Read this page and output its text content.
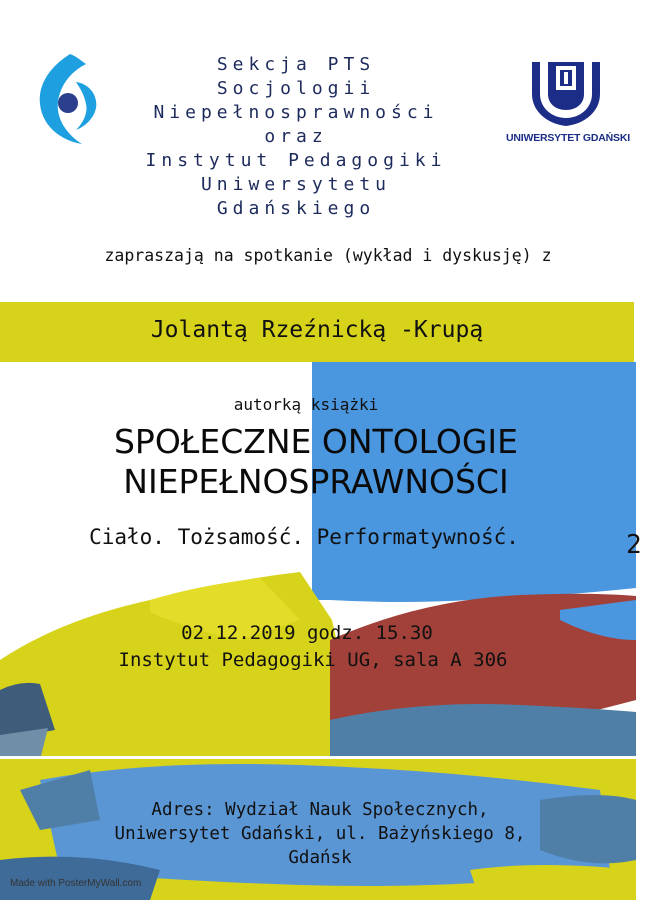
UNIWERSYTET GDAŃSKI
Sekcja PTS
Socjologii
Niepełnosprawności
oraz
Instytut Pedagogiki
Uniwersytetu
Gdańskiego
zapraszają na spotkanie (wykład i dyskusję) z
Jolantą Rzeźnicką -Krupą
autorką książki
SPOŁECZNE ONTOLOGIE
NIEPEŁNOSPRAWNOŚCI
Ciało. Tożsamość. Performatywność.	2
02.12.2019 godz. 15.30
Instytut Pedagogiki UG, sala A 306
Adres: Wydział Nauk Społecznych,
Uniwersytet Gdański, ul. Bażyńskiego 8,
Gdańsk
Made with PosterMyWall.com
